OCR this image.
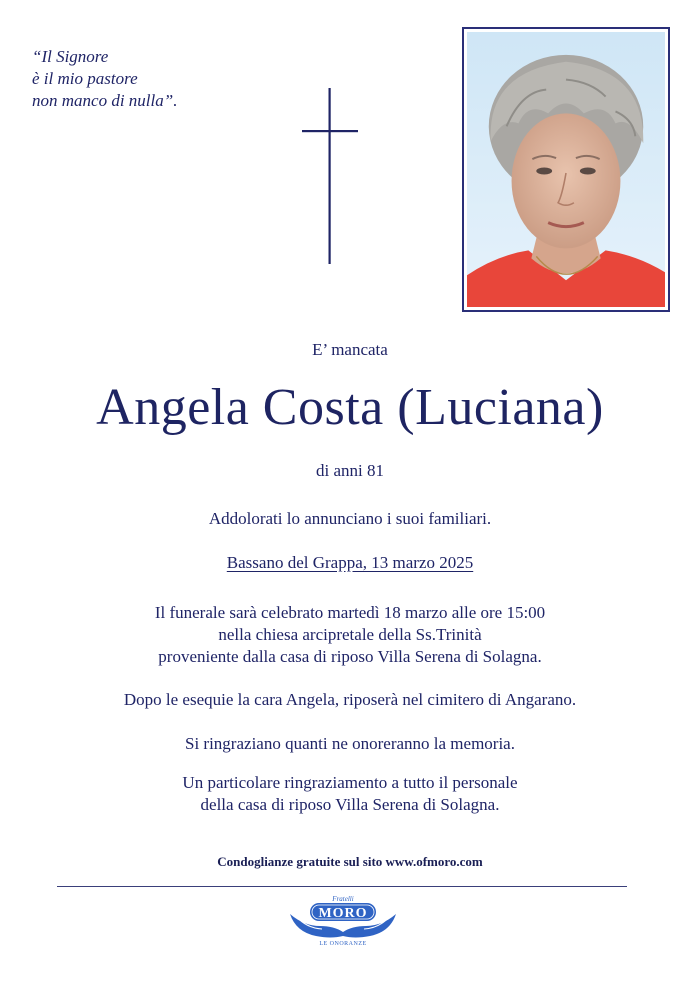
“Il Signore
è il mio pastore
non manco di nulla”.
E’ mancata
Angela Costa (Luciana)
di anni 81
Addolorati lo annunciano i suoi familiari.
Bassano del Grappa, 13 marzo 2025
Il funerale sarà celebrato martedì 18 marzo alle ore 15:00
nella chiesa arcipretale della Ss.Trinità
proveniente dalla casa di riposo Villa Serena di Solagna.
Dopo le esequie la cara Angela, riposerà nel cimitero di Angarano.
Si ringraziano quanti ne onoreranno la memoria.
Un particolare ringraziamento a tutto il personale
della casa di riposo Villa Serena di Solagna.
Condoglianze gratuite sul sito www.ofmoro.com
Fratelli
MORO
LE ONORANZE
